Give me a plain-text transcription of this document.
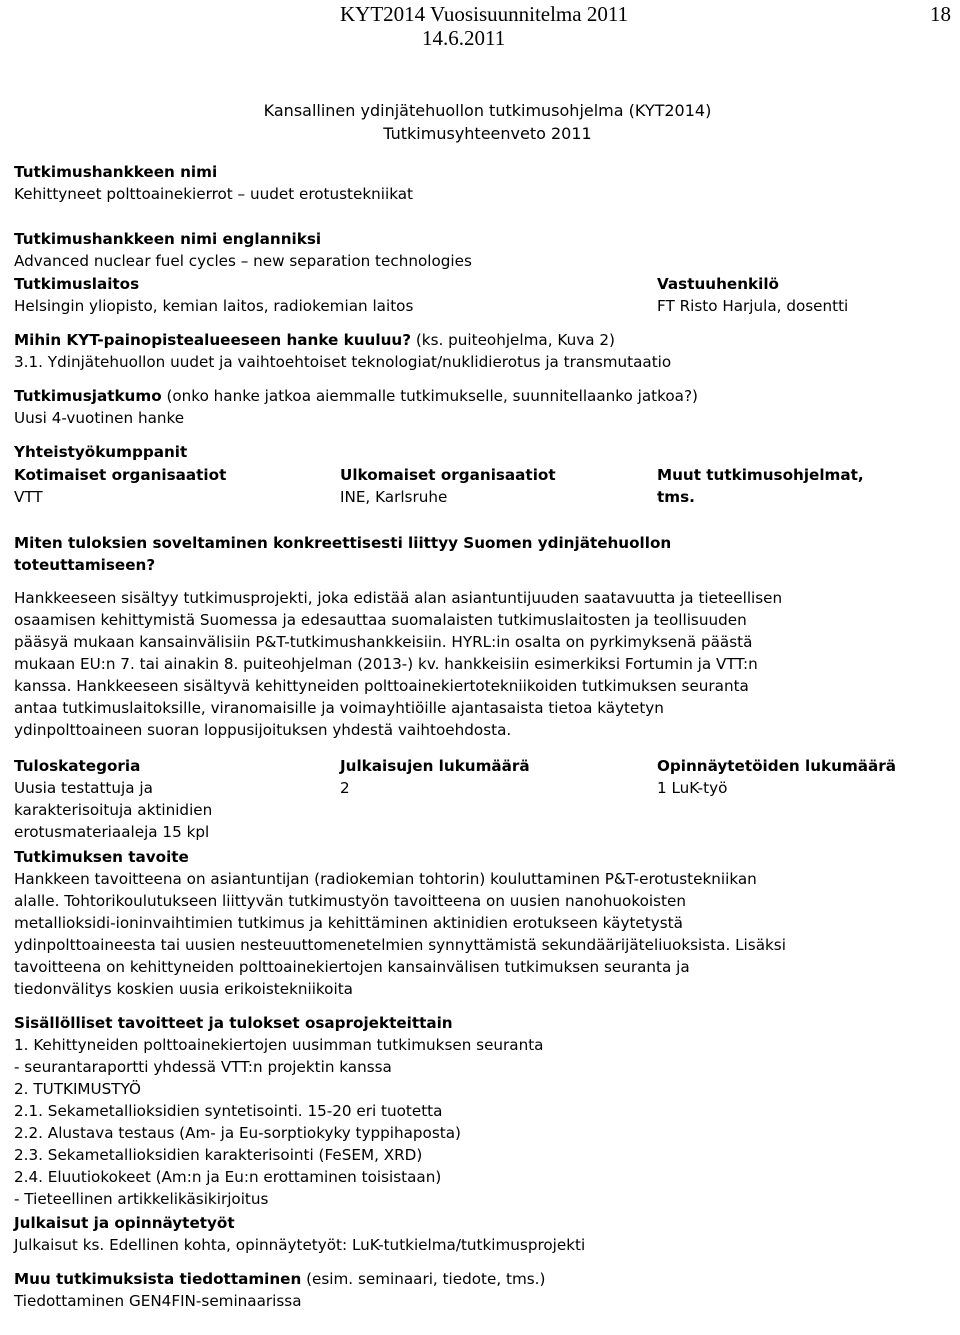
KYT2014 Vuosisuunnitelma 2011
14.6.2011
18
Kansallinen ydinjätehuollon tutkimusohjelma (KYT2014)
Tutkimusyhteenveto 2011
Tutkimushankkeen nimi
Kehittyneet polttoainekierrot – uudet erotustekniikat
Tutkimushankkeen nimi englanniksi
Advanced nuclear fuel cycles – new separation technologies
Tutkimuslaitos
Helsingin yliopisto, kemian laitos, radiokemian laitos
Vastuuhenkilö
FT Risto Harjula, dosentti
Mihin KYT-painopistealueeseen hanke kuuluu? (ks. puiteohjelma, Kuva 2)
3.1. Ydinjätehuollon uudet ja vaihtoehtoiset teknologiat/nuklidierotus ja transmutaatio
Tutkimusjatkumo (onko hanke jatkoa aiemmalle tutkimukselle, suunnitellaanko jatkoa?)
Uusi 4-vuotinen hanke
Yhteistyökumppanit
Kotimaiset organisaatiot
VTT
Ulkomaiset organisaatiot
INE, Karlsruhe
Muut tutkimusohjelmat,
tms.
Miten tuloksien soveltaminen konkreettisesti liittyy Suomen ydinjätehuollon
toteuttamiseen?
Hankkeeseen sisältyy tutkimusprojekti, joka edistää alan asiantuntijuuden saatavuutta ja tieteellisen
osaamisen kehittymistä Suomessa ja edesauttaa suomalaisten tutkimuslaitosten ja teollisuuden
pääsyä mukaan kansainvälisiin P&T-tutkimushankkeisiin. HYRL:in osalta on pyrkimyksenä päästä
mukaan EU:n 7. tai ainakin 8. puiteohjelman (2013-) kv. hankkeisiin esimerkiksi Fortumin ja VTT:n
kanssa. Hankkeeseen sisältyvä kehittyneiden polttoainekiertotekniikoiden tutkimuksen seuranta
antaa tutkimuslaitoksille, viranomaisille ja voimayhtiöille ajantasaista tietoa käytetyn
ydinpolttoaineen suoran loppusijoituksen yhdestä vaihtoehdosta.
Tuloskategoria
Uusia testattuja ja
karakterisoituja aktinidien
erotusmateriaaleja 15 kpl
Julkaisujen lukumäärä
2
Opinnäytetöiden lukumäärä
1 LuK-työ
Tutkimuksen tavoite
Hankkeen tavoitteena on asiantuntijan (radiokemian tohtorin) kouluttaminen P&T-erotustekniikan
alalle. Tohtorikoulutukseen liittyvän tutkimustyön tavoitteena on uusien nanohuokoisten
metallioksidi-ioninvaihtimien tutkimus ja kehittäminen aktinidien erotukseen käytetystä
ydinpolttoaineesta tai uusien nesteuuttomenetelmien synnyttämistä sekundäärijäteliuoksista. Lisäksi
tavoitteena on kehittyneiden polttoainekiertojen kansainvälisen tutkimuksen seuranta ja
tiedonvälitys koskien uusia erikoistekniikoita
Sisällölliset tavoitteet ja tulokset osaprojekteittain
1. Kehittyneiden polttoainekiertojen uusimman tutkimuksen seuranta
- seurantaraportti yhdessä VTT:n projektin kanssa
2. TUTKIMUSTYÖ
2.1. Sekametallioksidien syntetisointi. 15-20 eri tuotetta
2.2. Alustava testaus (Am- ja Eu-sorptiokyky typpihaposta)
2.3. Sekametallioksidien karakterisointi (FeSEM, XRD)
2.4. Eluutiokokeet (Am:n ja Eu:n erottaminen toisistaan)
- Tieteellinen artikkelikäsikirjoitus
Julkaisut ja opinnäytetyöt
Julkaisut ks. Edellinen kohta, opinnäytetyöt: LuK-tutkielma/tutkimusprojekti
Muu tutkimuksista tiedottaminen (esim. seminaari, tiedote, tms.)
Tiedottaminen GEN4FIN-seminaarissa
